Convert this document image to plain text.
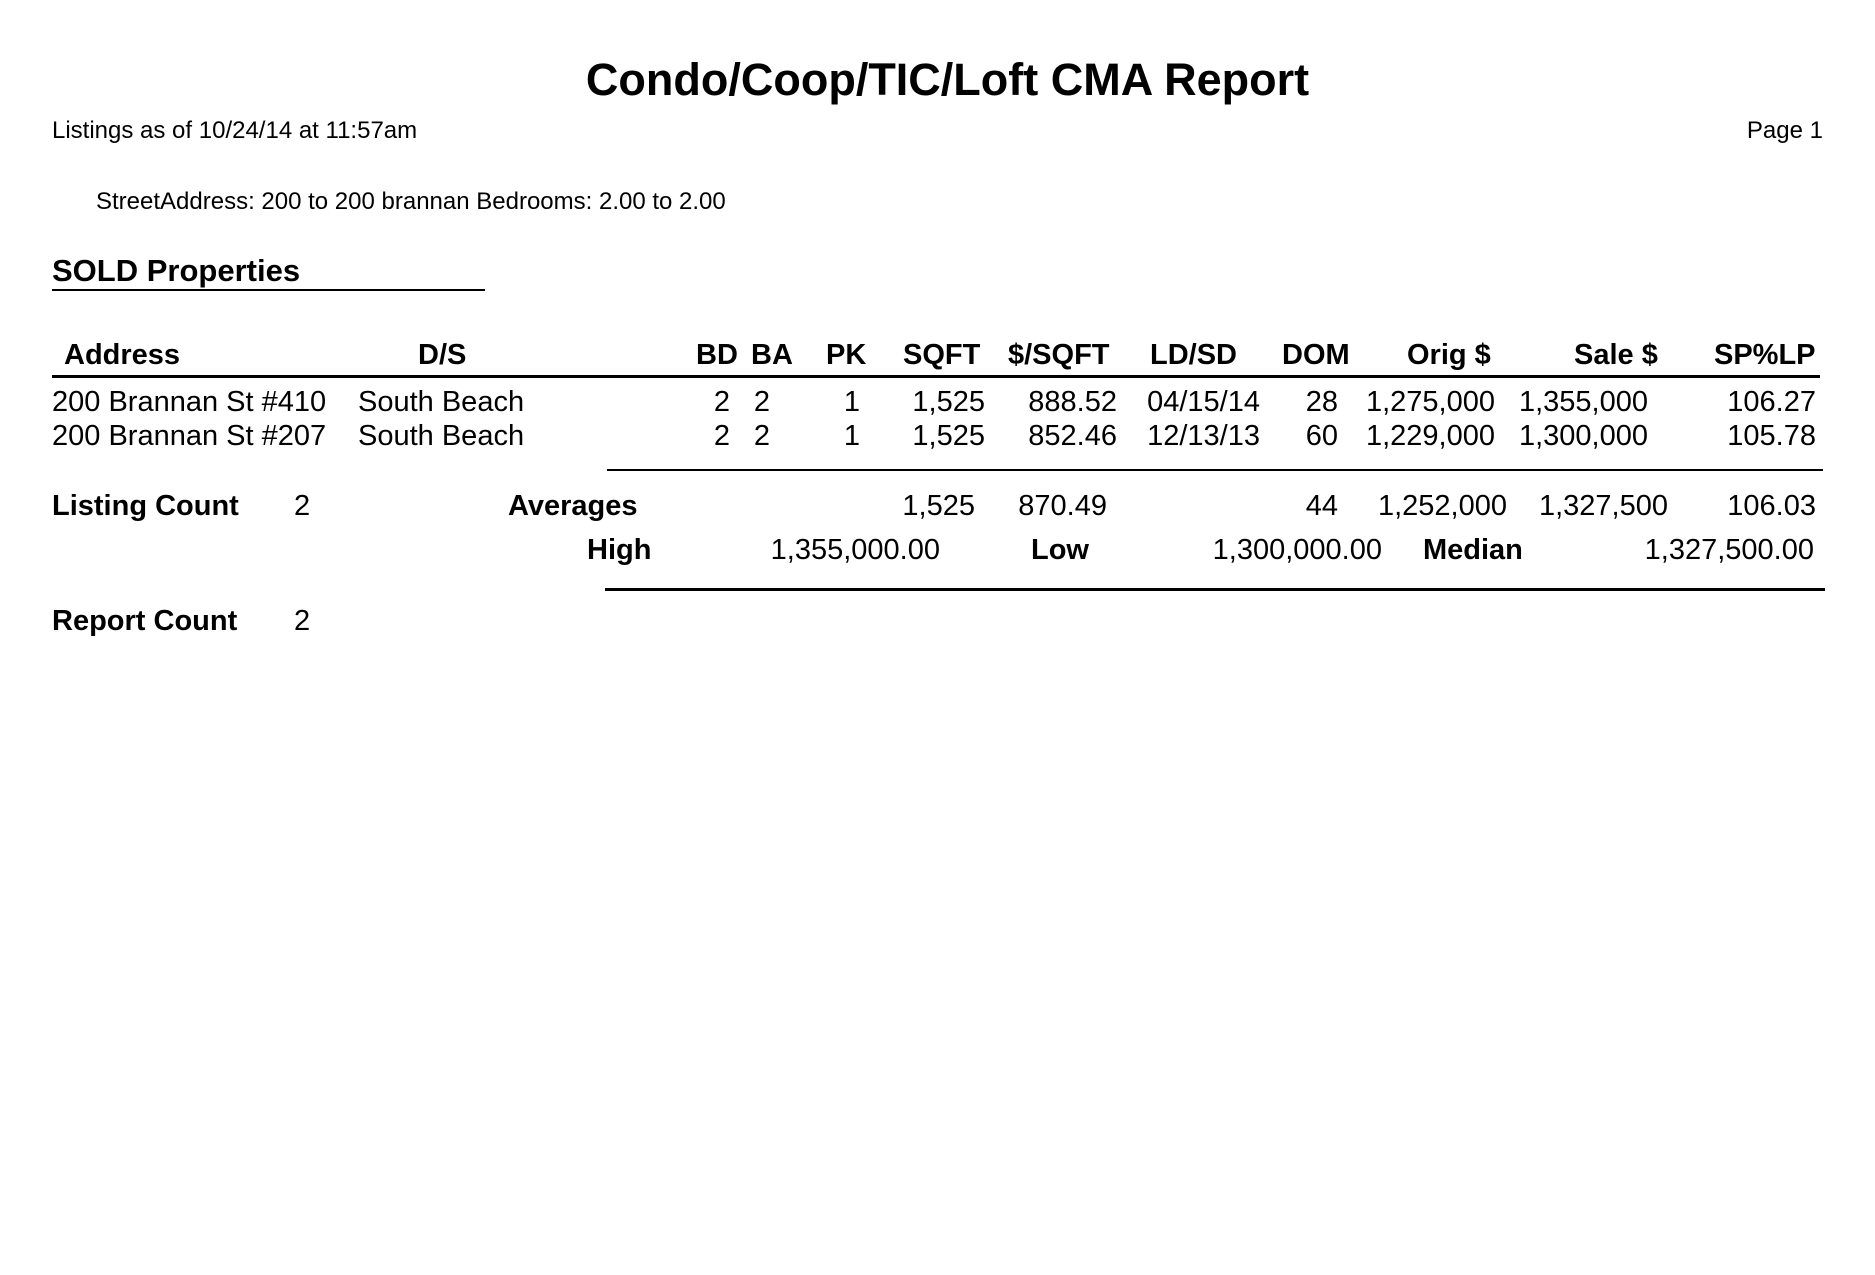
Condo/Coop/TIC/Loft CMA Report
Listings as of 10/24/14 at 11:57am	Page 1
StreetAddress: 200 to 200 brannan Bedrooms: 2.00 to 2.00
SOLD Properties
Address	D/S	BD BA PK SQFT $/SQFT LD/SD DOM Orig $	Sale $ SP%LP
200 Brannan St #410 South Beach	2 2	1	1,525	888.52	04/15/14	28 1,275,000 1,355,000	106.27
200 Brannan St #207 South Beach	2 2	1	1,525	852.46	12/13/13	60 1,229,000 1,300,000	105.78
Listing Count 2	Averages	1,525	870.49	44	1,252,000	1,327,500	106.03
High	1,355,000.00	Low	1,300,000.00 Median	1,327,500.00
Report Count 2
